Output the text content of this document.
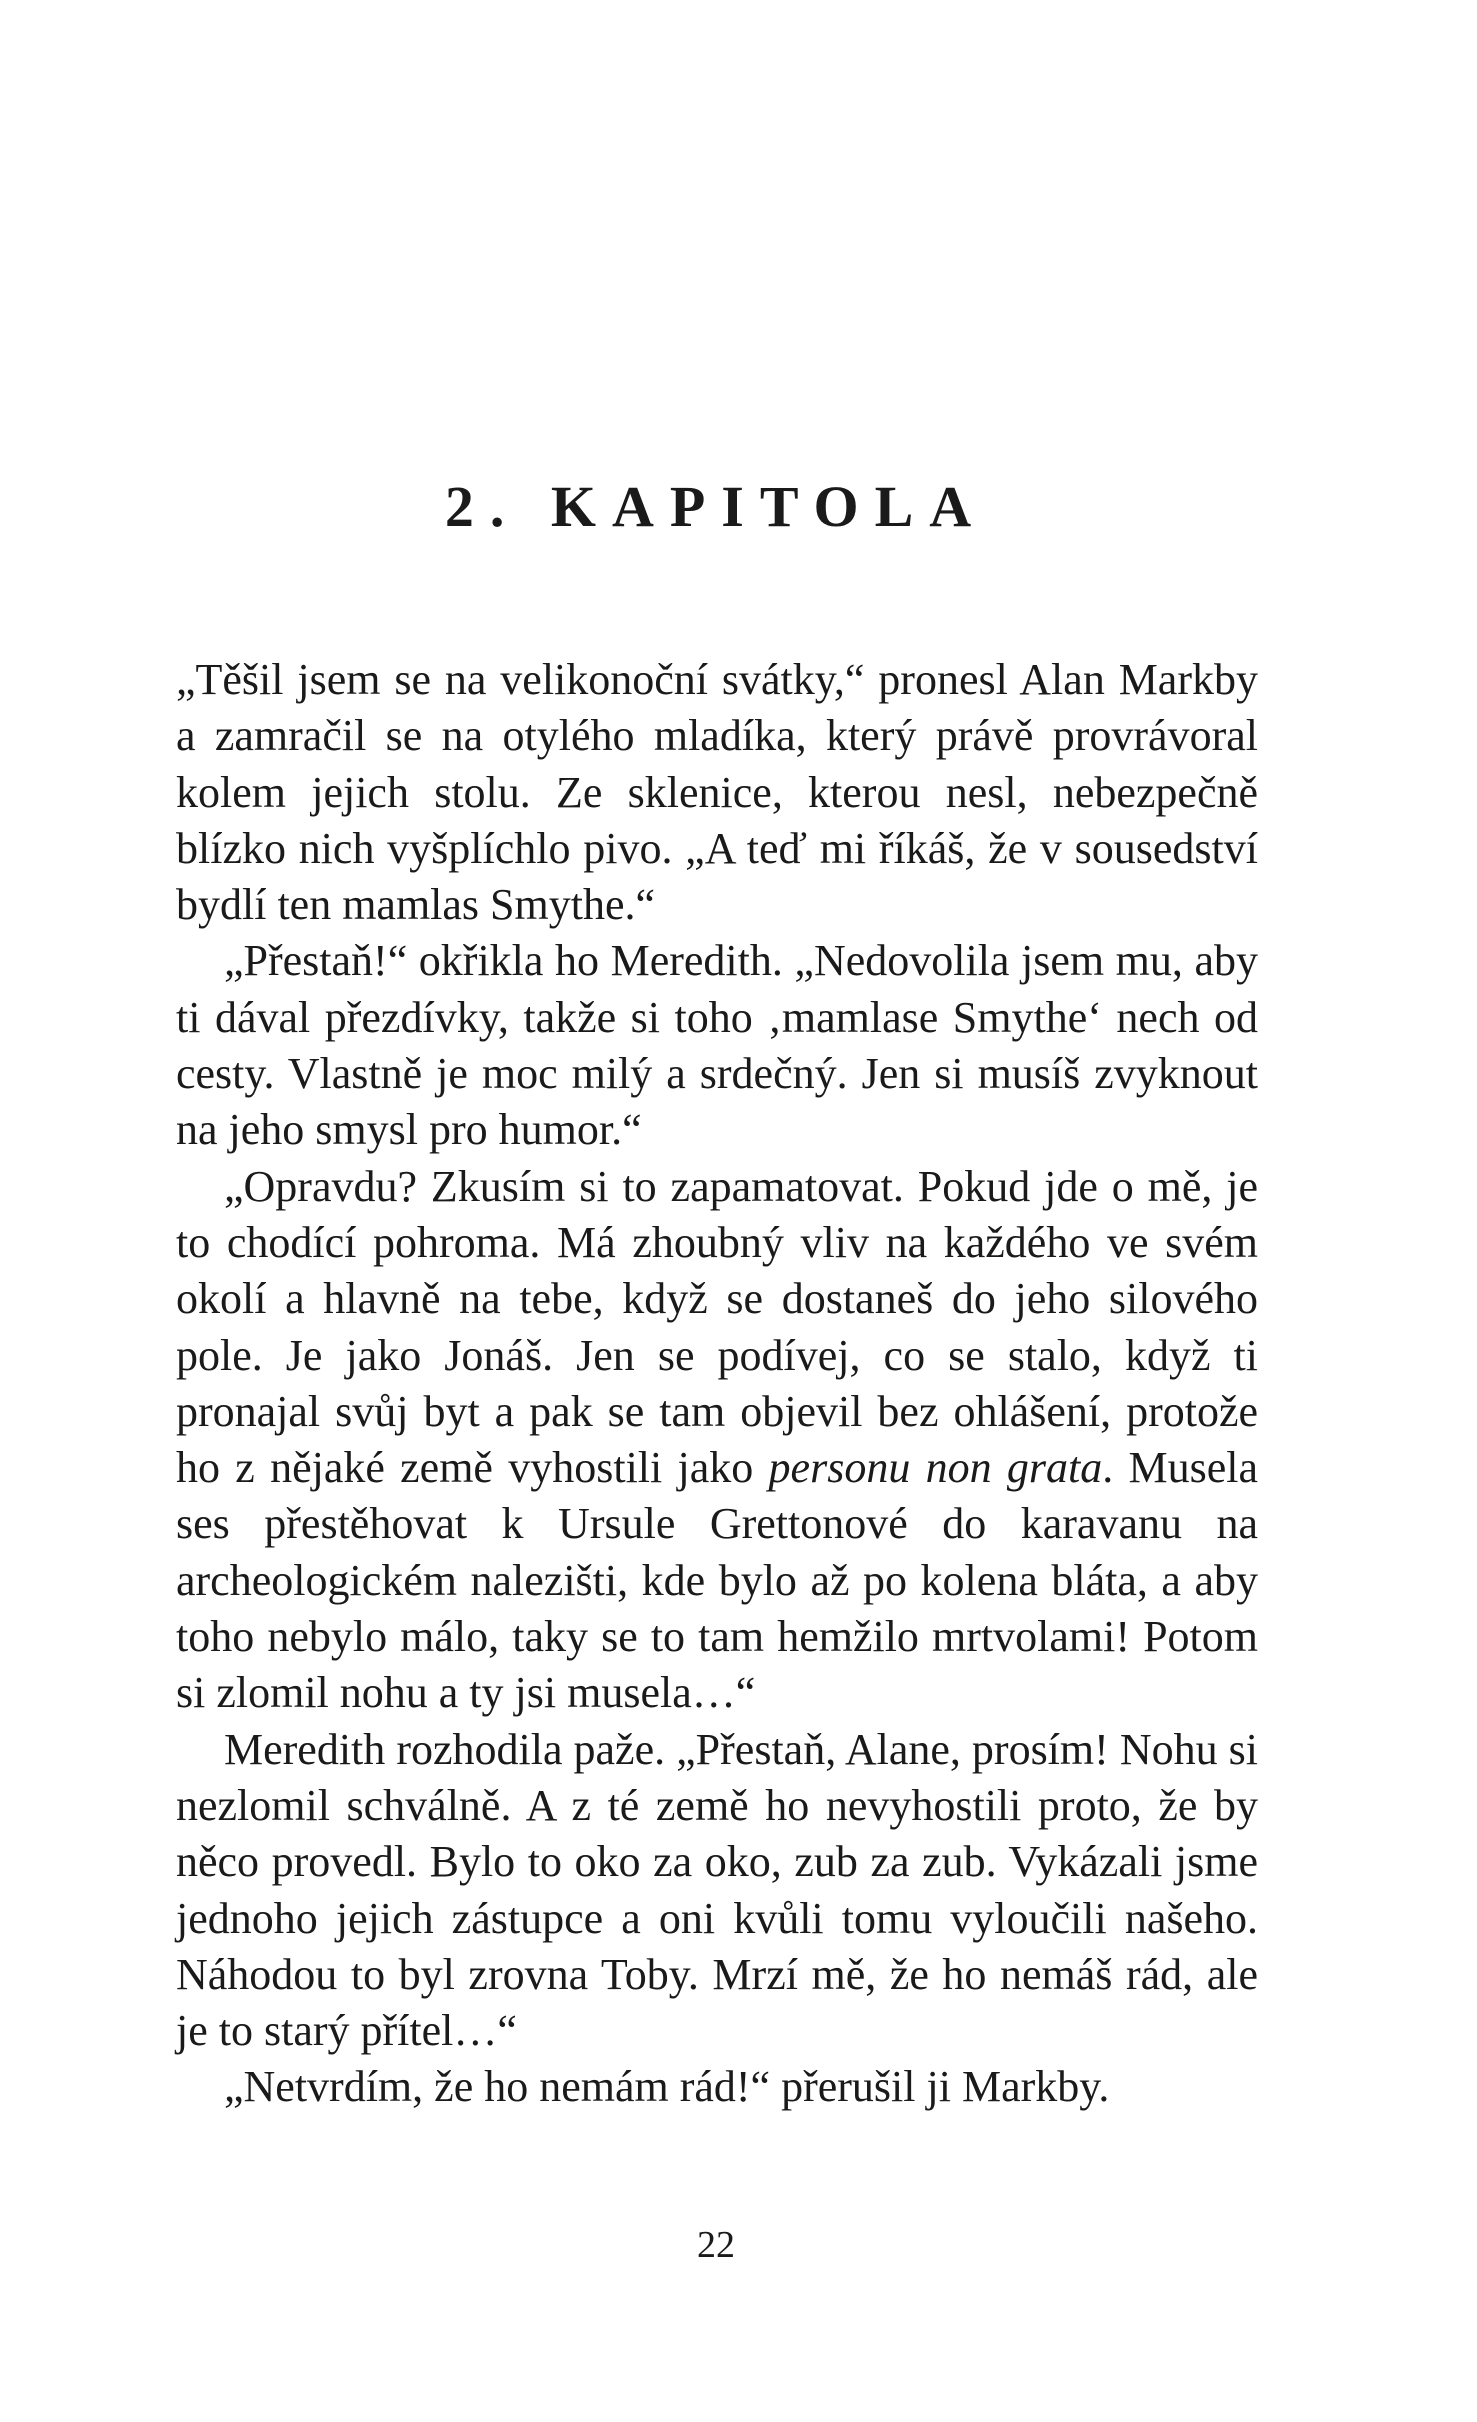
2. KAPITOLA

„Těšil jsem se na velikonoční svátky,“ pronesl Alan Markby a zamračil se na otylého mladíka, který právě provrávoral kolem jejich stolu. Ze sklenice, kterou nesl, nebezpečně blízko nich vyšplíchlo pivo. „A teď mi říkáš, že v sousedství bydlí ten mamlas Smythe.“

„Přestaň!“ okřikla ho Meredith. „Nedovolila jsem mu, aby ti dával přezdívky, takže si toho ‚mamlase Smythe‘ nech od cesty. Vlastně je moc milý a srdečný. Jen si musíš zvyknout na jeho smysl pro humor.“

„Opravdu? Zkusím si to zapamatovat. Pokud jde o mě, je to chodící pohroma. Má zhoubný vliv na každého ve svém okolí a hlavně na tebe, když se dostaneš do jeho silového pole. Je jako Jonáš. Jen se podívej, co se stalo, když ti pronajal svůj byt a pak se tam objevil bez ohlášení, protože ho z nějaké země vyhostili jako personu non grata. Musela ses přestěhovat k Ursule Grettonové do karavanu na archeologickém nalezišti, kde bylo až po kolena bláta, a aby toho nebylo málo, taky se to tam hemžilo mrtvolami! Potom si zlomil nohu a ty jsi musela…“

Meredith rozhodila paže. „Přestaň, Alane, prosím! Nohu si nezlomil schválně. A z té země ho nevyhostili proto, že by něco provedl. Bylo to oko za oko, zub za zub. Vykázali jsme jednoho jejich zástupce a oni kvůli tomu vyloučili našeho. Náhodou to byl zrovna Toby. Mrzí mě, že ho nemáš rád, ale je to starý přítel…“

„Netvrdím, že ho nemám rád!“ přerušil ji Markby.

22
